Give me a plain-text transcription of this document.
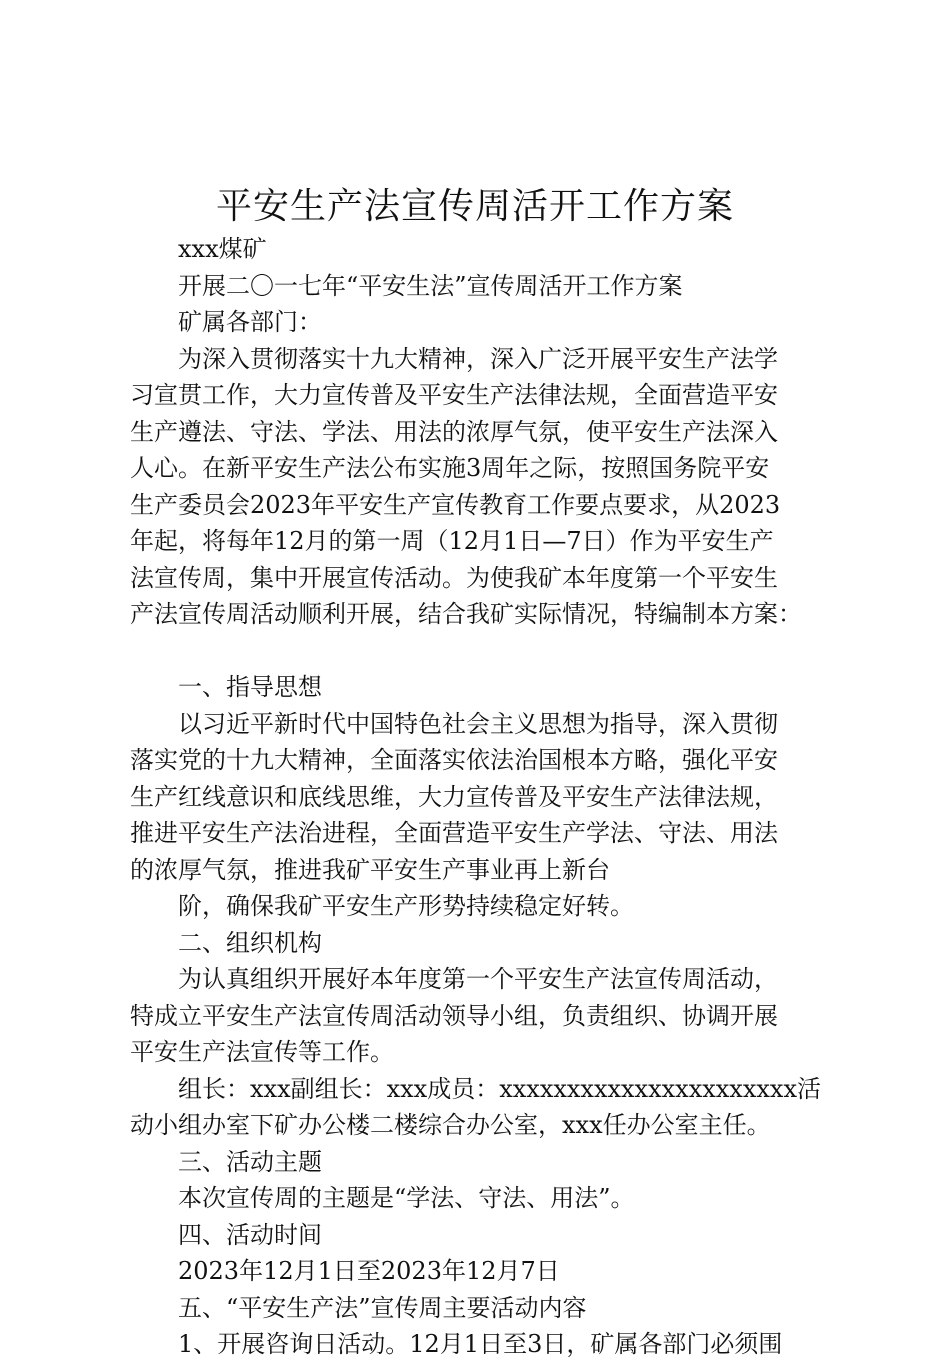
平安生产法宣传周活开工作方案
xxx煤矿
开展二〇一七年“平安生法”宣传周活开工作方案
矿属各部门：
为深入贯彻落实十九大精神，深入广泛开展平安生产法学
习宣贯工作，大力宣传普及平安生产法律法规，全面营造平安
生产遵法、守法、学法、用法的浓厚气氛，使平安生产法深入
人心。在新平安生产法公布实施3周年之际，按照国务院平安
生产委员会2023年平安生产宣传教育工作要点要求，从2023
年起，将每年12月的第一周（12月1日—7日）作为平安生产
法宣传周，集中开展宣传活动。为使我矿本年度第一个平安生
产法宣传周活动顺利开展，结合我矿实际情况，特编制本方案：
一、指导思想
以习近平新时代中国特色社会主义思想为指导，深入贯彻
落实党的十九大精神，全面落实依法治国根本方略，强化平安
生产红线意识和底线思维，大力宣传普及平安生产法律法规，
推进平安生产法治进程，全面营造平安生产学法、守法、用法
的浓厚气氛，推进我矿平安生产事业再上新台
阶，确保我矿平安生产形势持续稳定好转。
二、组织机构
为认真组织开展好本年度第一个平安生产法宣传周活动，
特成立平安生产法宣传周活动领导小组，负责组织、协调开展
平安生产法宣传等工作。
组长：xxx副组长：xxx成员：xxxxxxxxxxxxxxxxxxxxxx活
动小组办室下矿办公楼二楼综合办公室，xxx任办公室主任。
三、活动主题
本次宣传周的主题是“学法、守法、用法”。
四、活动时间
2023年12月1日至2023年12月7日
五、“平安生产法”宣传周主要活动内容
1、开展咨询日活动。12月1日至3日，矿属各部门必须围
